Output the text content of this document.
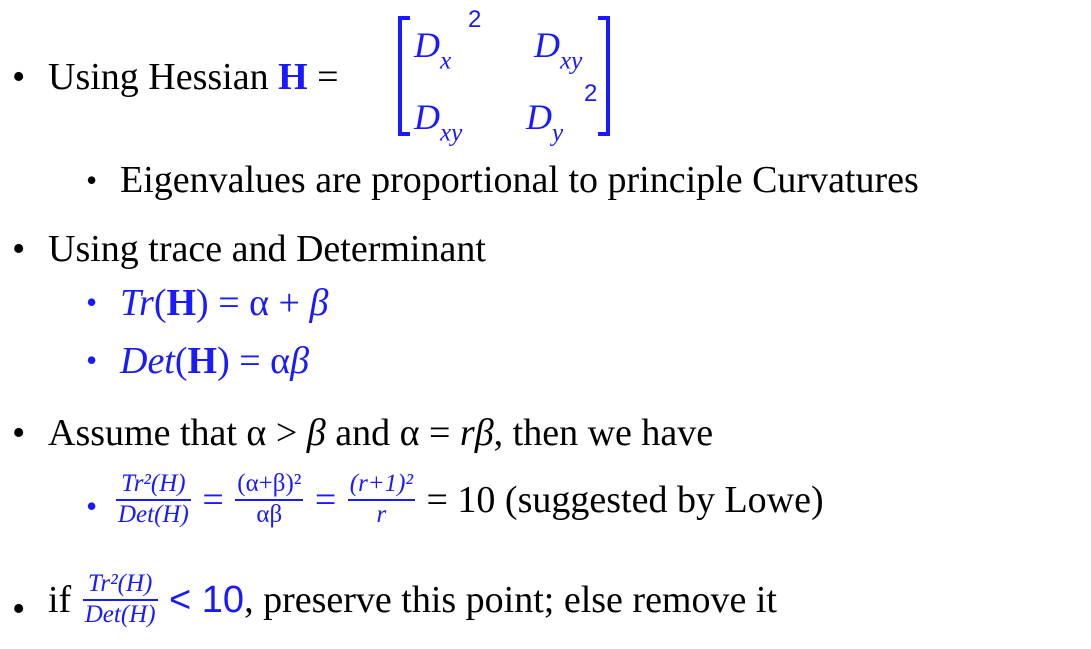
• Using Hessian H =
$D_x$
2
$D_{xy}$
$D_{xy}$ $D_y$
2
• Eigenvalues are proportional to principle Curvatures
• Using trace and Determinant
• Tr(H) = α + β
• Det(H) = αβ
• Assume that α > β and α = rβ, then we have
• $\frac{\text{Tr²(H)}}{\text{Det(H)}} = \frac{\text{(α+β)²}}{\alpha\beta} = \frac{\text{(r+1)²}}{r} = 10$ (suggested by Lowe)
• if $\frac{\text{Tr²(H)}}{\text{Det(H)}} < 10$, preserve this point; else remove it
